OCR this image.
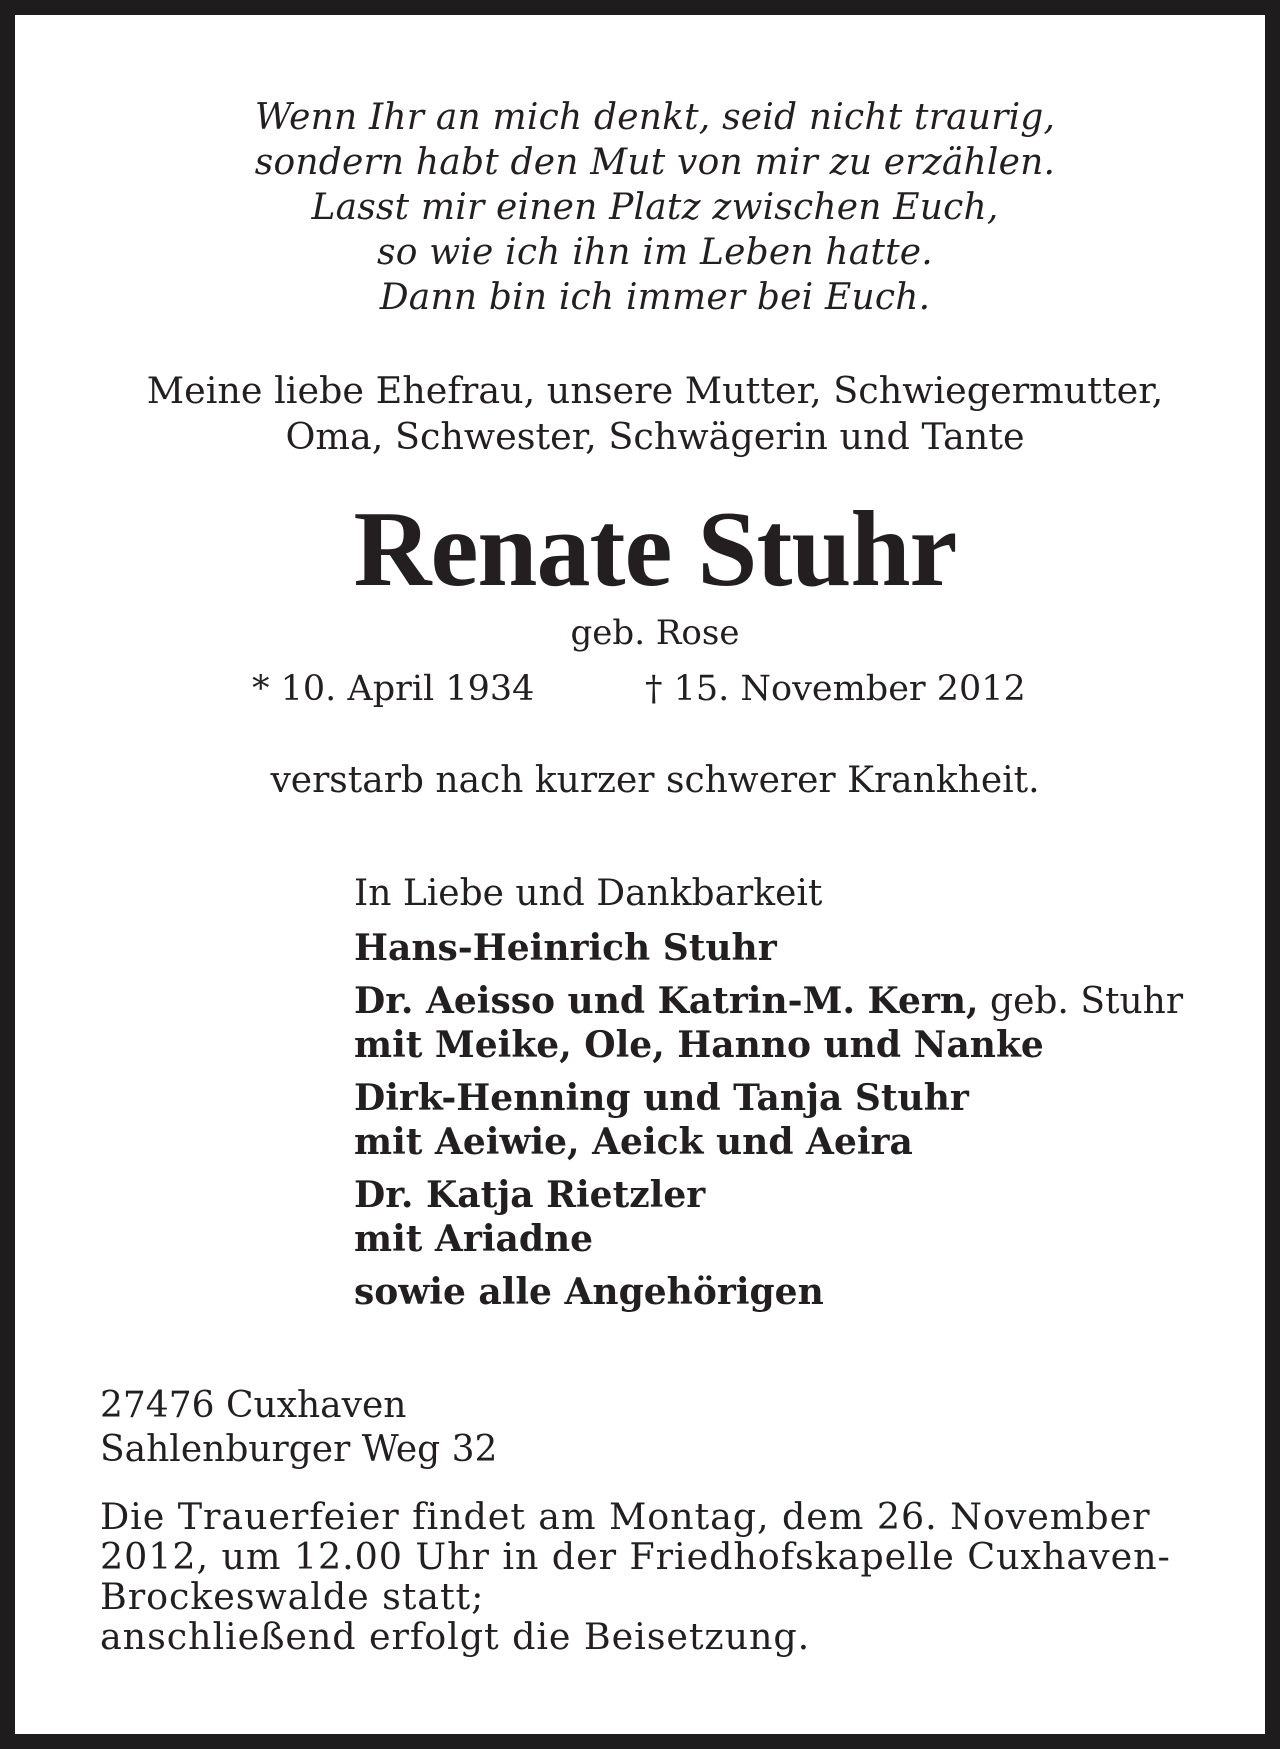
Wenn Ihr an mich denkt, seid nicht traurig,
sondern habt den Mut von mir zu erzählen.
Lasst mir einen Platz zwischen Euch,
so wie ich ihn im Leben hatte.
Dann bin ich immer bei Euch.
Meine liebe Ehefrau, unsere Mutter, Schwiegermutter,
Oma, Schwester, Schwägerin und Tante
Renate Stuhr
geb. Rose
* 10. April 1934	† 15. November 2012
verstarb nach kurzer schwerer Krankheit.
In Liebe und Dankbarkeit
Hans-Heinrich Stuhr
Dr. Aeisso und Katrin-M. Kern, geb. Stuhr
mit Meike, Ole, Hanno und Nanke
Dirk-Henning und Tanja Stuhr
mit Aeiwie, Aeick und Aeira
Dr. Katja Rietzler
mit Ariadne
sowie alle Angehörigen
27476 Cuxhaven
Sahlenburger Weg 32
Die Trauerfeier findet am Montag, dem 26. November
2012, um 12.00 Uhr in der Friedhofskapelle Cuxhaven-
Brockeswalde statt;
anschließend erfolgt die Beisetzung.
